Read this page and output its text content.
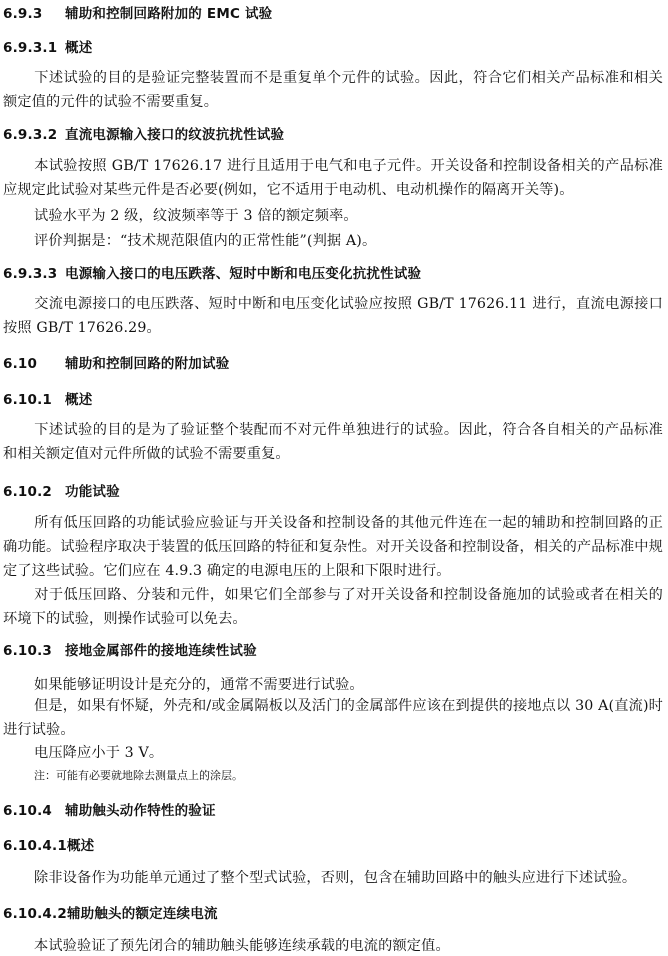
6.9.3 辅助和控制回路附加的 EMC 试验
6.9.3.1 概述
下述试验的目的是验证完整装置而不是重复单个元件的试验。因此，符合它们相关产品标准和相关额定值的元件的试验不需要重复。
6.9.3.2 直流电源输入接口的纹波抗扰性试验
本试验按照 GB/T 17626.17 进行且适用于电气和电子元件。开关设备和控制设备相关的产品标准应规定此试验对某些元件是否必要(例如，它不适用于电动机、电动机操作的隔离开关等)。
试验水平为 2 级，纹波频率等于 3 倍的额定频率。
评价判据是：“技术规范限值内的正常性能”(判据 A)。
6.9.3.3 电源输入接口的电压跌落、短时中断和电压变化抗扰性试验
交流电源接口的电压跌落、短时中断和电压变化试验应按照 GB/T 17626.11 进行，直流电源接口按照 GB/T 17626.29。
6.10 辅助和控制回路的附加试验
6.10.1 概述
下述试验的目的是为了验证整个装配而不对元件单独进行的试验。因此，符合各自相关的产品标准和相关额定值对元件所做的试验不需要重复。
6.10.2 功能试验
所有低压回路的功能试验应验证与开关设备和控制设备的其他元件连在一起的辅助和控制回路的正确功能。试验程序取决于装置的低压回路的特征和复杂性。对开关设备和控制设备，相关的产品标准中规定了这些试验。它们应在 4.9.3 确定的电源电压的上限和下限时进行。
对于低压回路、分装和元件，如果它们全部参与了对开关设备和控制设备施加的试验或者在相关的环境下的试验，则操作试验可以免去。
6.10.3 接地金属部件的接地连续性试验
如果能够证明设计是充分的，通常不需要进行试验。
但是，如果有怀疑，外壳和/或金属隔板以及活门的金属部件应该在到提供的接地点以 30 A(直流)时进行试验。
电压降应小于 3 V。
注：可能有必要就地除去测量点上的涂层。
6.10.4 辅助触头动作特性的验证
6.10.4.1概述
除非设备作为功能单元通过了整个型式试验，否则，包含在辅助回路中的触头应进行下述试验。
6.10.4.2辅助触头的额定连续电流
本试验验证了预先闭合的辅助触头能够连续承载的电流的额定值。
